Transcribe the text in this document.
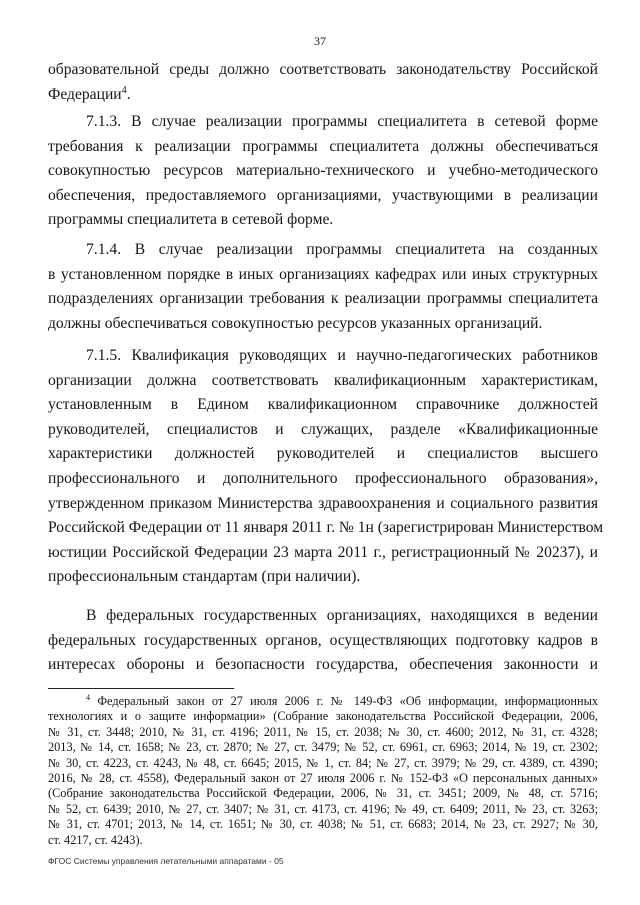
37
образовательной среды должно соответствовать законодательству Российской
Федерации$^4$.
7.1.3. В случае реализации программы специалитета в сетевой форме
требования к реализации программы специалитета должны обеспечиваться
совокупностью ресурсов материально-технического и учебно-методического
обеспечения, предоставляемого организациями, участвующими в реализации
программы специалитета в сетевой форме.
7.1.4. В случае реализации программы специалитета на созданных
в установленном порядке в иных организациях кафедрах или иных структурных
подразделениях организации требования к реализации программы специалитета
должны обеспечиваться совокупностью ресурсов указанных организаций.
7.1.5. Квалификация руководящих и научно-педагогических работников
организации должна соответствовать квалификационным характеристикам,
установленным в Едином квалификационном справочнике должностей
руководителей, специалистов и служащих, разделе «Квалификационные
характеристики должностей руководителей и специалистов высшего
профессионального и дополнительного профессионального образования»,
утвержденном приказом Министерства здравоохранения и социального развития
Российской Федерации от 11 января 2011 г. № 1н (зарегистрирован Министерством
юстиции Российской Федерации 23 марта 2011 г., регистрационный № 20237), и
профессиональным стандартам (при наличии).
В федеральных государственных организациях, находящихся в ведении
федеральных государственных органов, осуществляющих подготовку кадров в
интересах обороны и безопасности государства, обеспечения законности и
$^4$ Федеральный закон от 27 июля 2006 г. № 149-ФЗ «Об информации, информационных
технологиях и о защите информации» (Собрание законодательства Российской Федерации, 2006,
№ 31, ст. 3448; 2010, № 31, ст. 4196; 2011, № 15, ст. 2038; № 30, ст. 4600; 2012, № 31, ст. 4328;
2013, № 14, ст. 1658; № 23, ст. 2870; № 27, ст. 3479; № 52, ст. 6961, ст. 6963; 2014, № 19, ст. 2302;
№ 30, ст. 4223, ст. 4243, № 48, ст. 6645; 2015, № 1, ст. 84; № 27, ст. 3979; № 29, ст. 4389, ст. 4390;
2016, № 28, ст. 4558), Федеральный закон от 27 июля 2006 г. № 152-ФЗ «О персональных данных»
(Собрание законодательства Российской Федерации, 2006, № 31, ст. 3451; 2009, № 48, ст. 5716;
№ 52, ст. 6439; 2010, № 27, ст. 3407; № 31, ст. 4173, ст. 4196; № 49, ст. 6409; 2011, № 23, ст. 3263;
№ 31, ст. 4701; 2013, № 14, ст. 1651; № 30, ст. 4038; № 51, ст. 6683; 2014, № 23, ст. 2927; № 30,
ст. 4217, ст. 4243).
ФГОС Системы управления летательными аппаратами - 05
